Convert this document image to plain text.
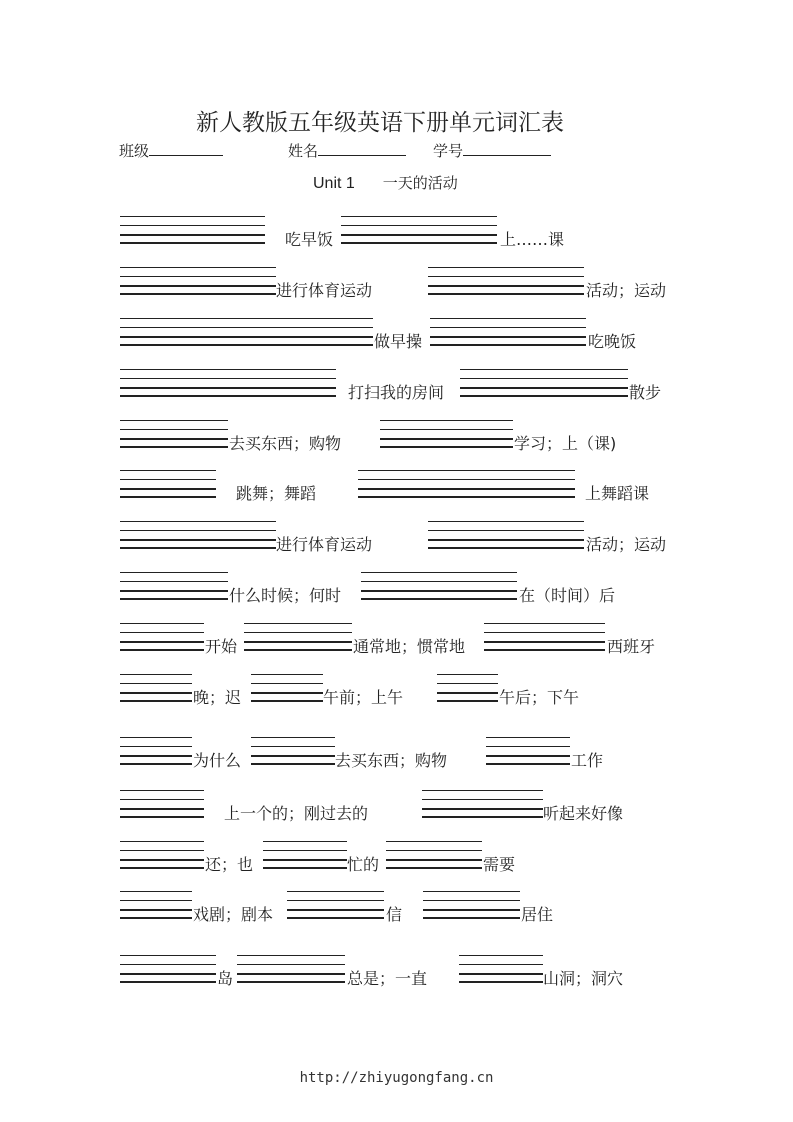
新人教版五年级英语下册单元词汇表
班级	姓名	学号
Unit 1 一天的活动
吃早饭	上……课
进行体育运动	活动；运动
做早操	吃晚饭
打扫我的房间	散步
去买东西；购物	学习；上（课)
跳舞；舞蹈	上舞蹈课
进行体育运动	活动；运动
什么时候；何时	在（时间）后
开始	通常地；惯常地	西班牙
晚；迟	午前；上午	午后；下午
为什么	去买东西；购物	工作
上一个的；刚过去的	听起来好像
还；也	忙的	需要
戏剧；剧本	信	居住
岛	总是；一直	山洞；洞穴
http://zhiyugongfang.cn
